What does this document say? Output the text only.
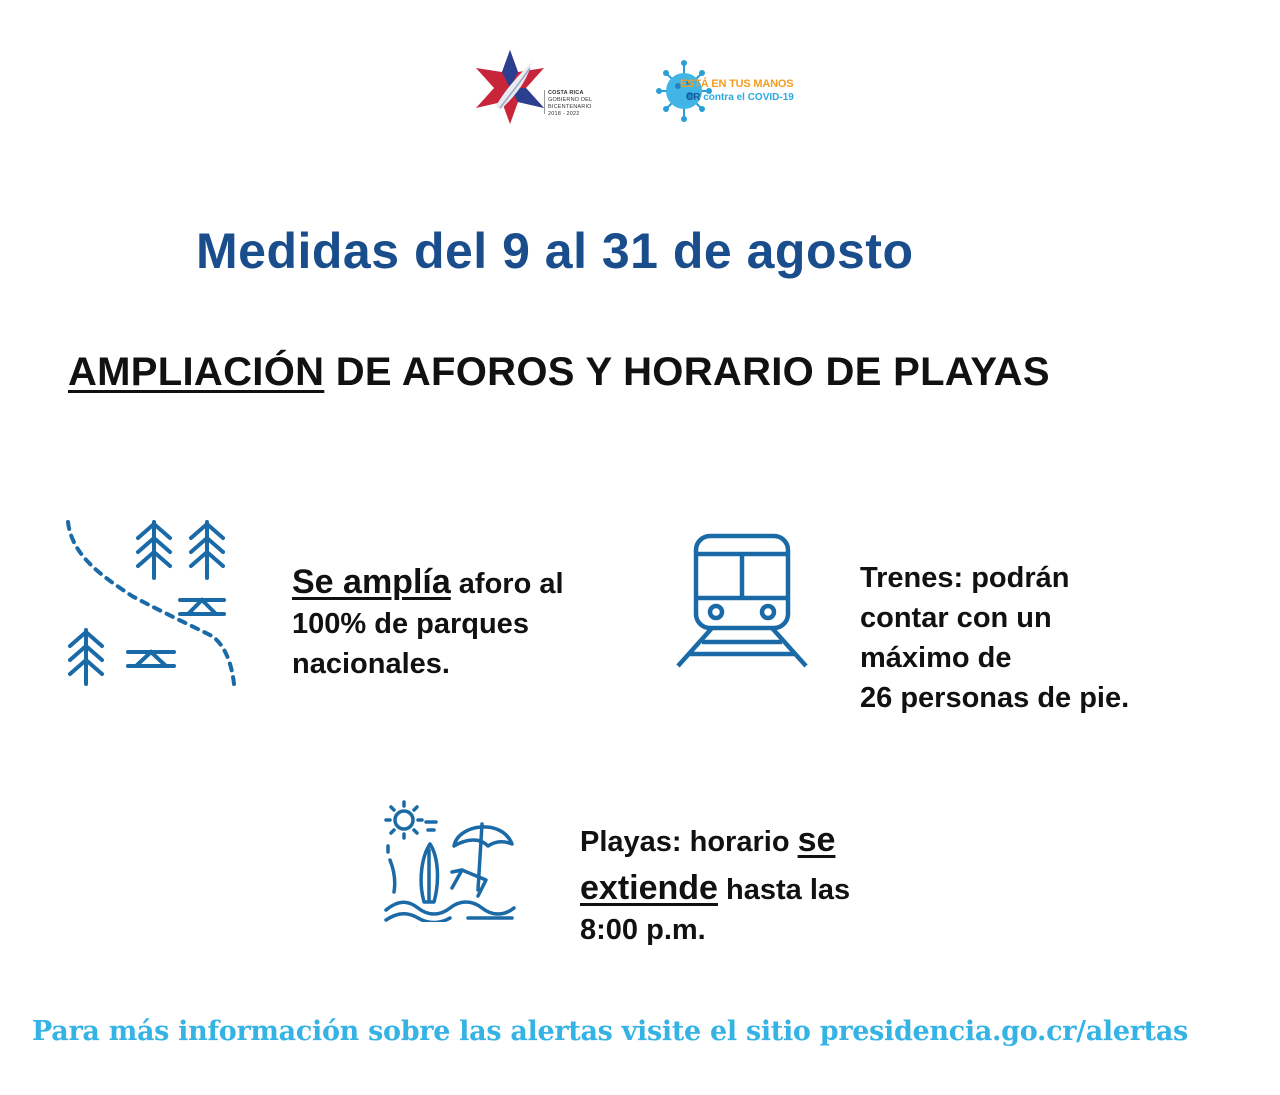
COSTA RICA
GOBIERNO DEL BICENTENARIO
2018 - 2022
ESTÁ EN TUS MANOS
CR contra el COVID-19
Medidas del 9 al 31 de agosto
AMPLIACIÓN DE AFOROS Y HORARIO DE PLAYAS
Se amplía aforo al
100% de parques
nacionales.
Trenes: podrán
contar con un
máximo de
26 personas de pie.
Playas: horario se
extiende hasta las
8:00 p.m.
Para más información sobre las alertas visite el sitio presidencia.go.cr/alertas
